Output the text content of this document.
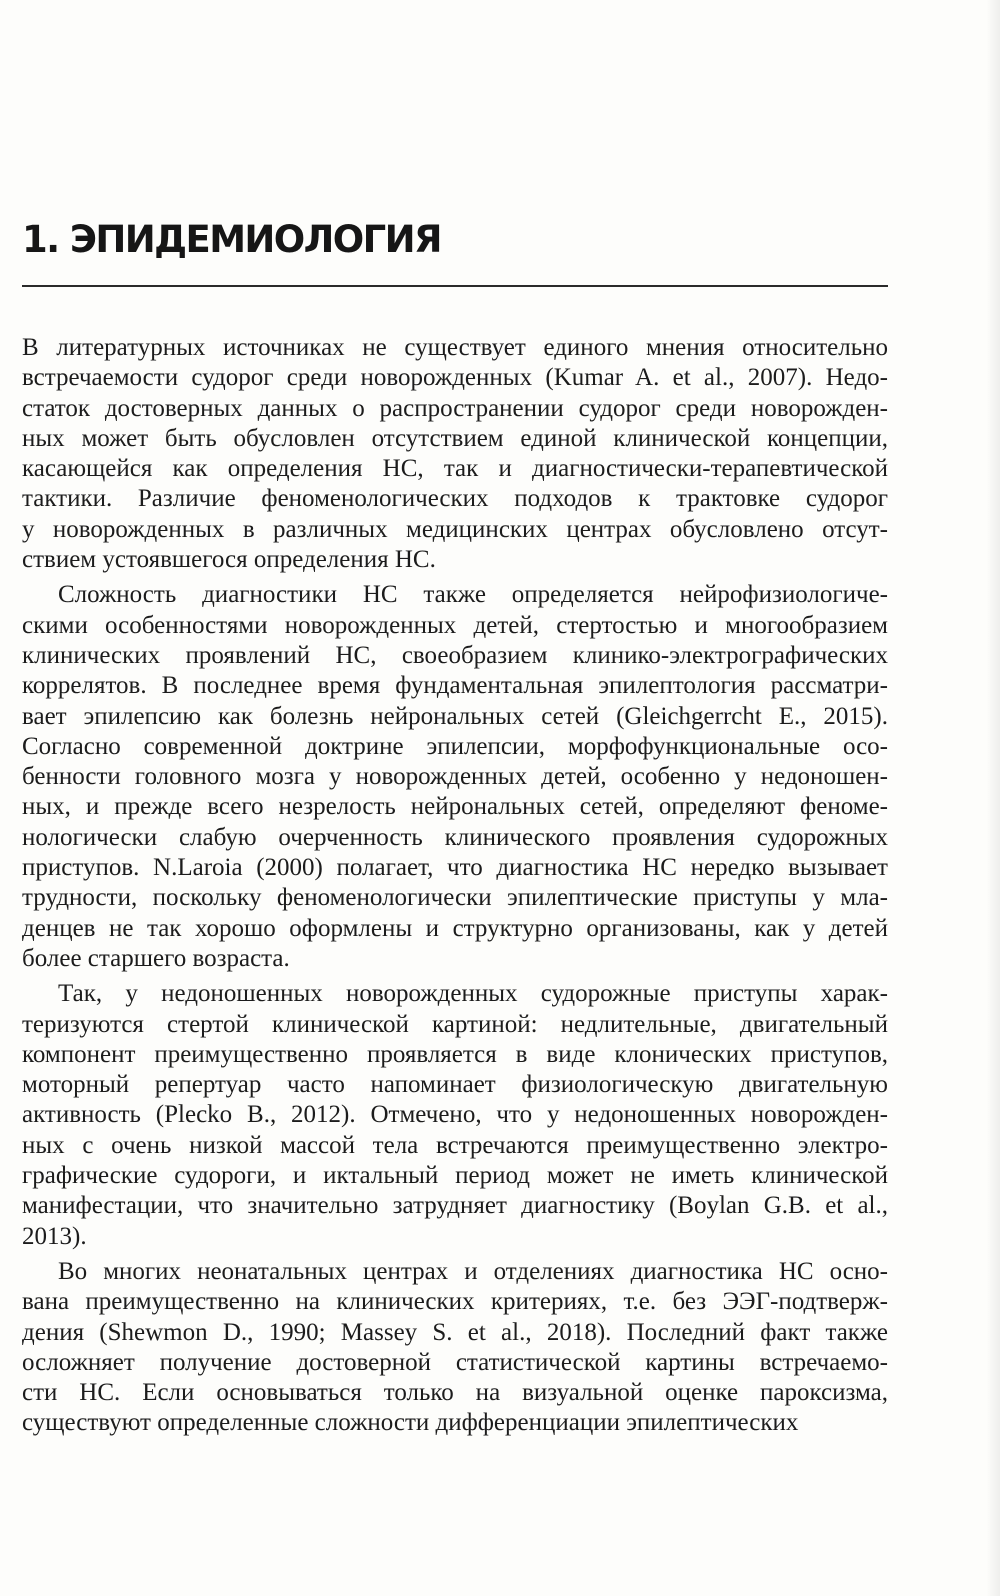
1. ЭПИДЕМИОЛОГИЯ

В литературных источниках не существует единого мнения относительно
встречаемости судорог среди новорожденных (Kumar A. et al., 2007). Недо-
статок достоверных данных о распространении судорог среди новорожден-
ных может быть обусловлен отсутствием единой клинической концепции,
касающейся как определения НС, так и диагностически-терапевтической
тактики. Различие феноменологических подходов к трактовке судорог
у новорожденных в различных медицинских центрах обусловлено отсут-
ствием устоявшегося определения НС.

Сложность диагностики НС также определяется нейрофизиологиче-
скими особенностями новорожденных детей, стертостью и многообразием
клинических проявлений НС, своеобразием клинико-электрографических
коррелятов. В последнее время фундаментальная эпилептология рассматри-
вает эпилепсию как болезнь нейрональных сетей (Gleichgerrcht E., 2015).
Согласно современной доктрине эпилепсии, морфофункциональные осо-
бенности головного мозга у новорожденных детей, особенно у недоношен-
ных, и прежде всего незрелость нейрональных сетей, определяют феноме-
нологически слабую очерченность клинического проявления судорожных
приступов. N.Laroia (2000) полагает, что диагностика НС нередко вызывает
трудности, поскольку феноменологически эпилептические приступы у мла-
денцев не так хорошо оформлены и структурно организованы, как у детей
более старшего возраста.

Так, у недоношенных новорожденных судорожные приступы харак-
теризуются стертой клинической картиной: недлительные, двигательный
компонент преимущественно проявляется в виде клонических приступов,
моторный репертуар часто напоминает физиологическую двигательную
активность (Plecko B., 2012). Отмечено, что у недоношенных новорожден-
ных с очень низкой массой тела встречаются преимущественно электро-
графические судороги, и иктальный период может не иметь клинической
манифестации, что значительно затрудняет диагностику (Boylan G.B. et al.,
2013).

Во многих неонатальных центрах и отделениях диагностика НС осно-
вана преимущественно на клинических критериях, т.е. без ЭЭГ-подтверж-
дения (Shewmon D., 1990; Massey S. et al., 2018). Последний факт также
осложняет получение достоверной статистической картины встречаемо-
сти НС. Если основываться только на визуальной оценке пароксизма,
существуют определенные сложности дифференциации эпилептических
